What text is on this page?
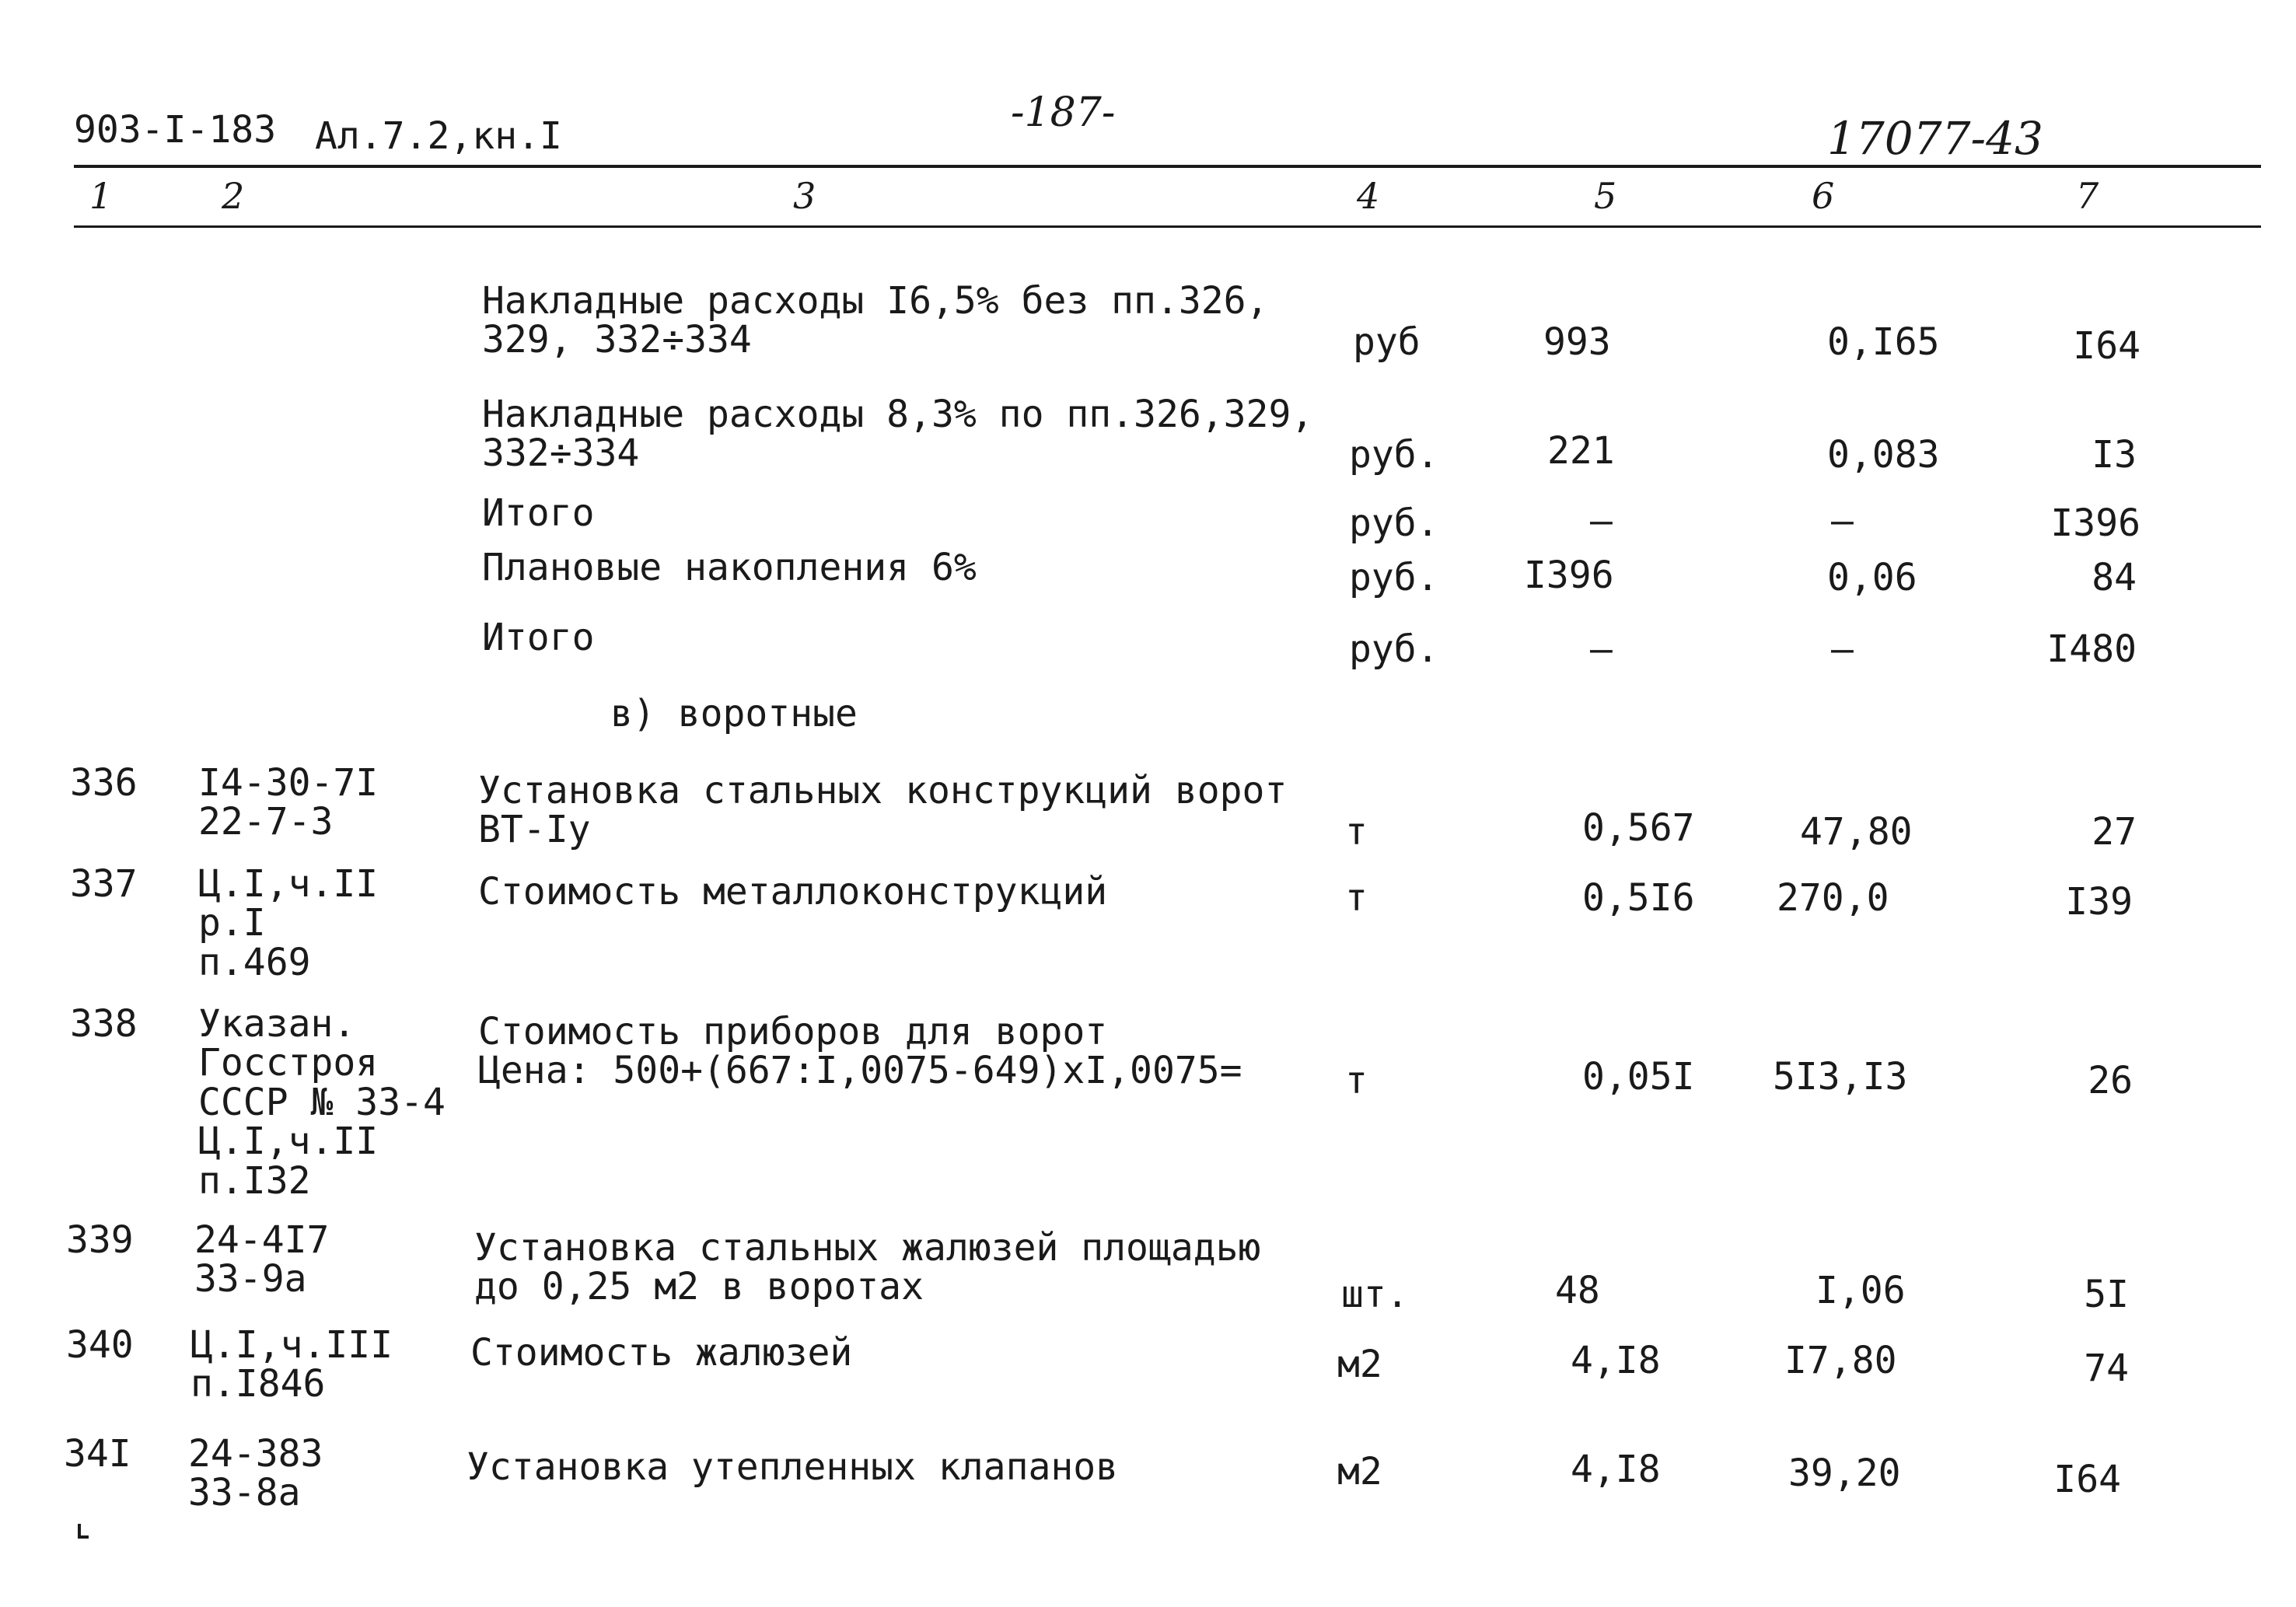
903-I-183 Ал.7.2,кн.I	-187-	17077-43
1	2	3	4	5	6	7
Накладные расходы I6,5% без пп.326,
329, 332÷334	руб	993	0,I65	I64
Накладные расходы 8,3% по пп.326,329,
332÷334	руб.	221	0,083	I3
Итого	руб.	–	–	I396
Плановые накопления 6%	руб. I396	0,06	84
Итого	руб.	–	–	I480
в) воротные
336 I4-30-7I
22-7-3
Установка стальных конструкций ворот
ВТ-Iу	т	0,567	47,80	27
337 Ц.I,ч.II
р.I
п.469
Стоимость металлоконструкций	т	0,5I6 270,0	I39
338 Указан.
Госстроя
СССР № 33-4
Ц.I,ч.II
п.I32
Стоимость приборов для ворот
Цена: 500+(667:I,0075-649)xI,0075=	т	0,05I 5I3,I3	26
339 24-4I7
33-9а
Установка стальных жалюзей площадью
до 0,25 м2 в воротах	шт.	48	I,06	5I
340 Ц.I,ч.III
п.I846
Стоимость жалюзей	м2	4,I8	I7,80	74
34I 24-383
33-8а
Установка утепленных клапанов	м2	4,I8	39,20	I64
